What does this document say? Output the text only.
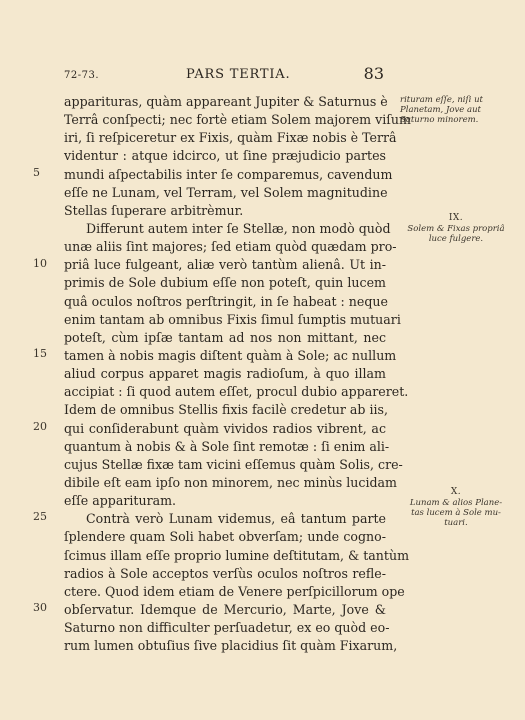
72-73.	PARS TERTIA.	83
apparituras, quàm appareant Jupiter & Saturnus è
Terrâ conſpecti; nec fortè etiam Solem majorem viſum
iri, ſi reſpiceretur ex Fixis, quàm Fixæ nobis è Terrâ
videntur : atque idcirco, ut ſine præjudicio partes
mundi aſpectabilis inter ſe comparemus, cavendum
eſſe ne Lunam, vel Terram, vel Solem magnitudine
Stellas ſuperare arbitrèmur.
Differunt autem inter ſe Stellæ, non modò quòd
unæ aliis ſint majores; ſed etiam quòd quædam pro-
priâ luce fulgeant, aliæ verò tantùm alienâ. Ut in-
primis de Sole dubium eſſe non poteſt, quin lucem
quâ oculos noſtros perſtringit, in ſe habeat : neque
enim tantam ab omnibus Fixis ſimul ſumptis mutuari
poteſt, cùm ipſæ tantam ad nos non mittant, nec
tamen à nobis magis diſtent quàm à Sole; ac nullum
aliud corpus apparet magis radioſum, à quo illam
accipiat : ſi quod autem eſſet, procul dubio appareret.
Idem de omnibus Stellis fixis facilè credetur ab iis,
qui conſiderabunt quàm vividos radios vibrent, ac
quantum à nobis & à Sole ſint remotæ : ſi enim ali-
cujus Stellæ fixæ tam vicini eſſemus quàm Solis, cre-
dibile eſt eam ipſo non minorem, nec minùs lucidam
eſſe apparituram.
Contrà verò Lunam videmus, eâ tantum parte
ſplendere quam Soli habet obverſam; unde cogno-
ſcimus illam eſſe proprio lumine deſtitutam, & tantùm
radios à Sole acceptos verſùs oculos noſtros refle-
ctere. Quod idem etiam de Venere perſpicillorum ope
obſervatur. Idemque de Mercurio, Marte, Jove &
Saturno non difficulter perſuadetur, ex eo quòd eo-
rum lumen obtuſius ſive placidius ſit quàm Fixarum,
5
10
15
20
25
30
rituram eſſe, niſi ut
Planetam, Jove aut
Saturno minorem.
IX.
Solem & Fixas propriâ
luce fulgere.
X.
Lunam & alios Plane-
tas lucem à Sole mu-
tuari.
